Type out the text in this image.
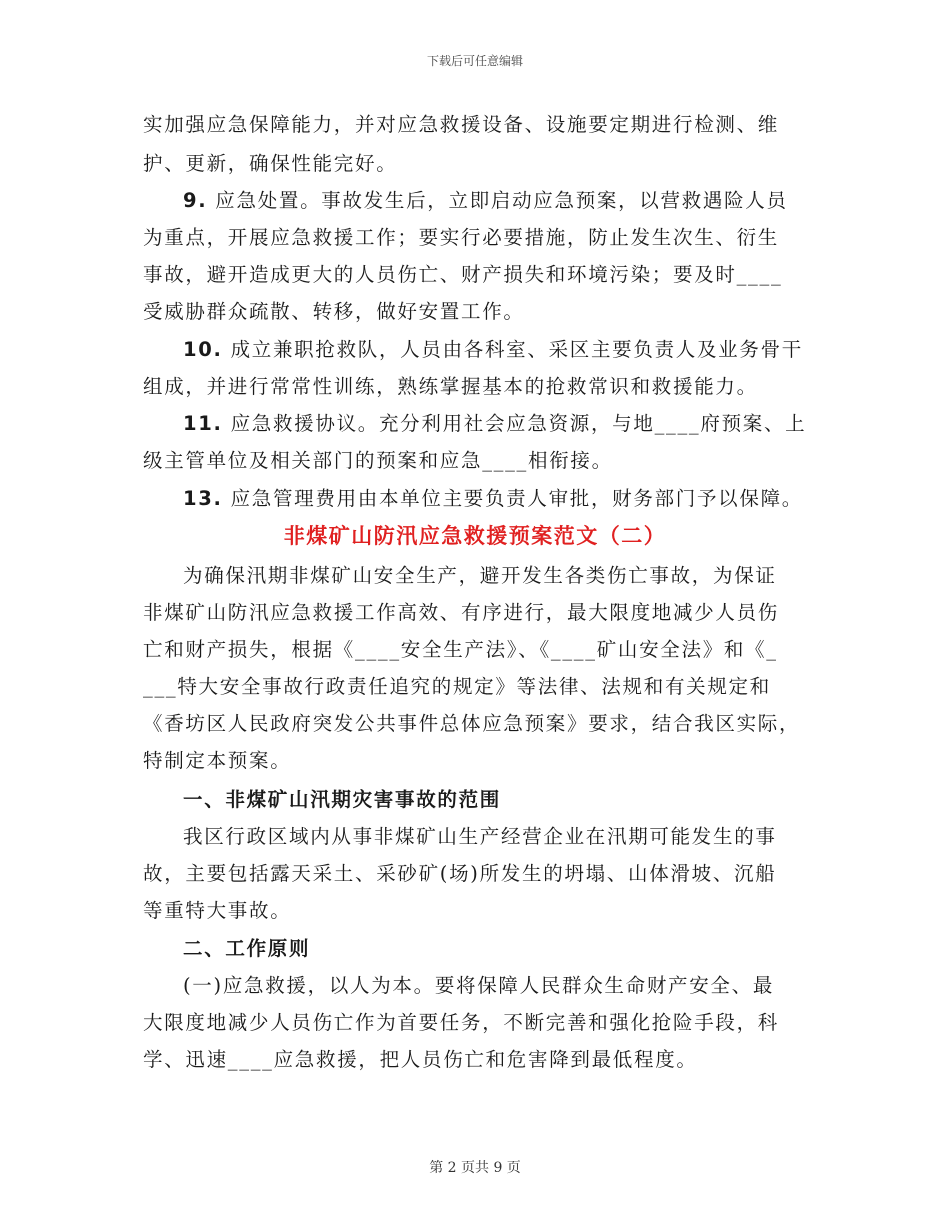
下载后可任意编辑
实加强应急保障能力，并对应急救援设备、设施要定期进行检测、维
护、更新，确保性能完好。
9. 应急处置。事故发生后，立即启动应急预案，以营救遇险人员
为重点，开展应急救援工作；要实行必要措施，防止发生次生、衍生
事故，避开造成更大的人员伤亡、财产损失和环境污染；要及时____
受威胁群众疏散、转移，做好安置工作。
10. 成立兼职抢救队，人员由各科室、采区主要负责人及业务骨干
组成，并进行常常性训练，熟练掌握基本的抢救常识和救援能力。
11. 应急救援协议。充分利用社会应急资源，与地____府预案、上
级主管单位及相关部门的预案和应急____相衔接。
13. 应急管理费用由本单位主要负责人审批，财务部门予以保障。
非煤矿山防汛应急救援预案范文（二）
为确保汛期非煤矿山安全生产，避开发生各类伤亡事故，为保证
非煤矿山防汛应急救援工作高效、有序进行，最大限度地减少人员伤
亡和财产损失，根据《____安全生产法》、《____矿山安全法》和《_
___特大安全事故行政责任追究的规定》等法律、法规和有关规定和
《香坊区人民政府突发公共事件总体应急预案》要求，结合我区实际，
特制定本预案。
一、非煤矿山汛期灾害事故的范围
我区行政区域内从事非煤矿山生产经营企业在汛期可能发生的事
故，主要包括露天采土、采砂矿(场)所发生的坍塌、山体滑坡、沉船
等重特大事故。
二、工作原则
(一)应急救援，以人为本。要将保障人民群众生命财产安全、最
大限度地减少人员伤亡作为首要任务，不断完善和强化抢险手段，科
学、迅速____应急救援，把人员伤亡和危害降到最低程度。
第 2 页共 9 页
